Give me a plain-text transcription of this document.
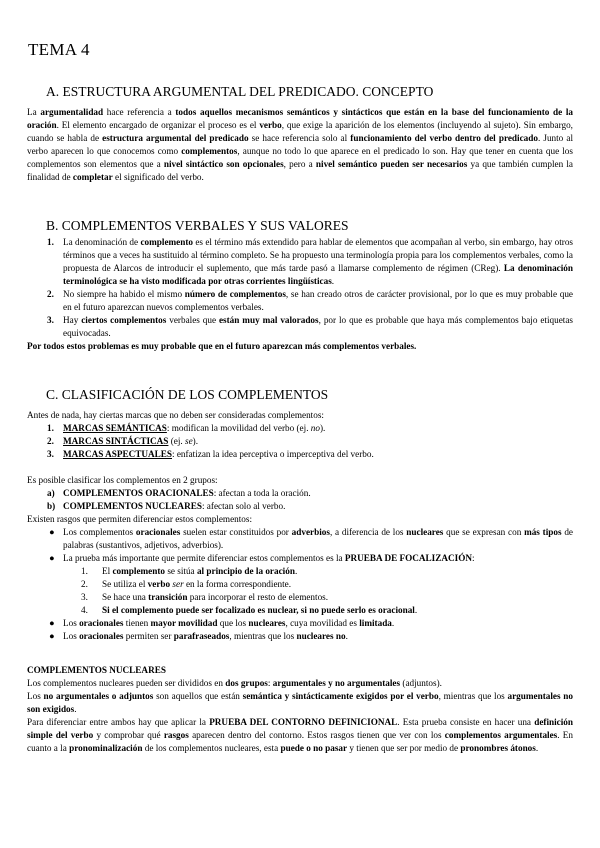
TEMA 4
A. ESTRUCTURA ARGUMENTAL DEL PREDICADO. CONCEPTO

La argumentalidad hace referencia a todos aquellos mecanismos semánticos y sintácticos que están en la base del funcionamiento de la oración. El elemento encargado de organizar el proceso es el verbo, que exige la aparición de los elementos (incluyendo al sujeto). Sin embargo, cuando se habla de estructura argumental del predicado se hace referencia solo al funcionamiento del verbo dentro del predicado. Junto al verbo aparecen lo que conocemos como complementos, aunque no todo lo que aparece en el predicado lo son. Hay que tener en cuenta que los complementos son elementos que a nivel sintáctico son opcionales, pero a nivel semántico pueden ser necesarios ya que también cumplen la finalidad de completar el significado del verbo.

B. COMPLEMENTOS VERBALES Y SUS VALORES
1. La denominación de complemento es el término más extendido para hablar de elementos que acompañan al verbo, sin embargo, hay otros términos que a veces ha sustituido al término completo. Se ha propuesto una terminología propia para los complementos verbales, como la propuesta de Alarcos de introducir el suplemento, que más tarde pasó a llamarse complemento de régimen (CReg). La denominación terminológica se ha visto modificada por otras corrientes lingüísticas.
2. No siempre ha habido el mismo número de complementos, se han creado otros de carácter provisional, por lo que es muy probable que en el futuro aparezcan nuevos complementos verbales.
3. Hay ciertos complementos verbales que están muy mal valorados, por lo que es probable que haya más complementos bajo etiquetas equivocadas.
Por todos estos problemas es muy probable que en el futuro aparezcan más complementos verbales.
C. CLASIFICACIÓN DE LOS COMPLEMENTOS
Antes de nada, hay ciertas marcas que no deben ser consideradas complementos:
1. MARCAS SEMÁNTICAS: modifican la movilidad del verbo (ej. no).
2. MARCAS SINTÁCTICAS (ej. se).
3. MARCAS ASPECTUALES: enfatizan la idea perceptiva o imperceptiva del verbo.
Es posible clasificar los complementos en 2 grupos:
a) COMPLEMENTOS ORACIONALES: afectan a toda la oración.
b) COMPLEMENTOS NUCLEARES: afectan solo al verbo.
Existen rasgos que permiten diferenciar estos complementos:
● Los complementos oracionales suelen estar constituidos por adverbios, a diferencia de los nucleares que se expresan con más tipos de palabras (sustantivos, adjetivos, adverbios).
● La prueba más importante que permite diferenciar estos complementos es la PRUEBA DE FOCALIZACIÓN:
1. El complemento se sitúa al principio de la oración.
2. Se utiliza el verbo ser en la forma correspondiente.
3. Se hace una transición para incorporar el resto de elementos.
4. Si el complemento puede ser focalizado es nuclear, si no puede serlo es oracional.
● Los oracionales tienen mayor movilidad que los nucleares, cuya movilidad es limitada.
● Los oracionales permiten ser parafraseados, mientras que los nucleares no.

COMPLEMENTOS NUCLEARES

Los complementos nucleares pueden ser divididos en dos grupos: argumentales y no argumentales (adjuntos).

Los no argumentales o adjuntos son aquellos que están semántica y sintácticamente exigidos por el verbo, mientras que los argumentales no son exigidos.

Para diferenciar entre ambos hay que aplicar la PRUEBA DEL CONTORNO DEFINICIONAL. Esta prueba consiste en hacer una definición simple del verbo y comprobar qué rasgos aparecen dentro del contorno. Estos rasgos tienen que ver con los complementos argumentales. En cuanto a la pronominalización de los complementos nucleares, esta puede o no pasar y tienen que ser por medio de pronombres átonos.
